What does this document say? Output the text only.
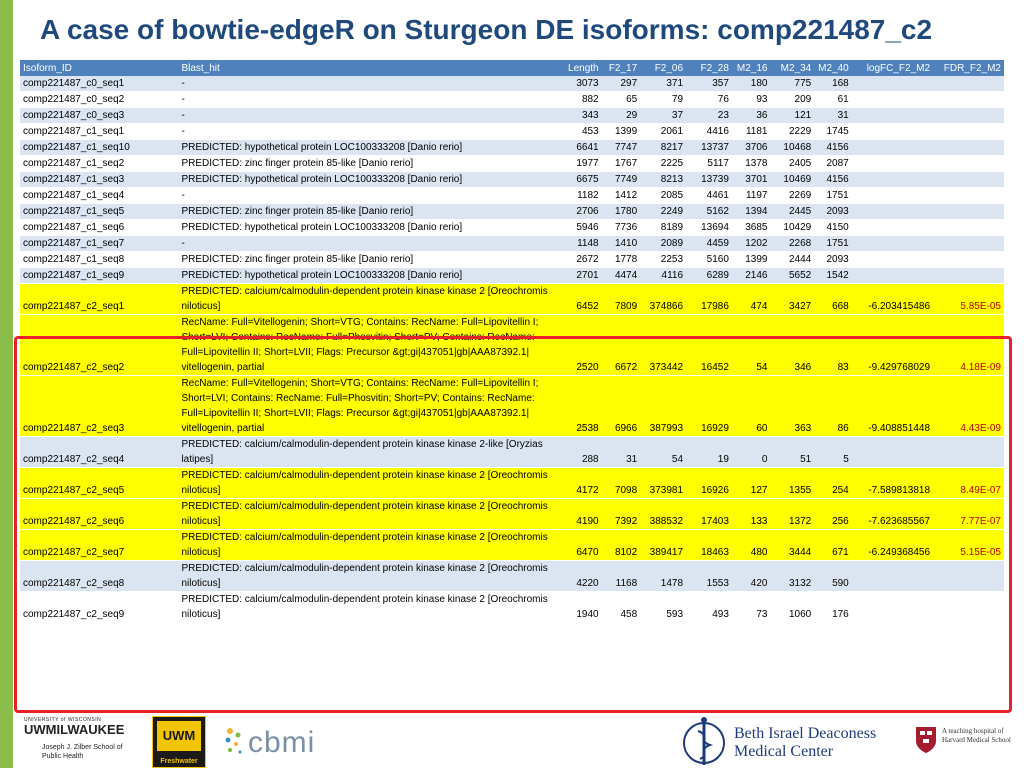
A case of bowtie-edgeR on Sturgeon DE isoforms: comp221487_c2
Isoform_ID	Blast_hit	Length	F2_17	F2_06	F2_28	M2_16	M2_34	M2_40	logFC_F2_M2	FDR_F2_M2
comp221487_c0_seq1	-	3073	297	371	357	180	775	168		
comp221487_c0_seq2	-	882	65	79	76	93	209	61		
comp221487_c0_seq3	-	343	29	37	23	36	121	31		
comp221487_c1_seq1	-	453	1399	2061	4416	1181	2229	1745		
comp221487_c1_seq10	PREDICTED: hypothetical protein LOC100333208 [Danio rerio]	6641	7747	8217	13737	3706	10468	4156		
comp221487_c1_seq2	PREDICTED: zinc finger protein 85-like [Danio rerio]	1977	1767	2225	5117	1378	2405	2087		
comp221487_c1_seq3	PREDICTED: hypothetical protein LOC100333208 [Danio rerio]	6675	7749	8213	13739	3701	10469	4156		
comp221487_c1_seq4	-	1182	1412	2085	4461	1197	2269	1751		
comp221487_c1_seq5	PREDICTED: zinc finger protein 85-like [Danio rerio]	2706	1780	2249	5162	1394	2445	2093		
comp221487_c1_seq6	PREDICTED: hypothetical protein LOC100333208 [Danio rerio]	5946	7736	8189	13694	3685	10429	4150		
comp221487_c1_seq7	-	1148	1410	2089	4459	1202	2268	1751		
comp221487_c1_seq8	PREDICTED: zinc finger protein 85-like [Danio rerio]	2672	1778	2253	5160	1399	2444	2093		
comp221487_c1_seq9	PREDICTED: hypothetical protein LOC100333208 [Danio rerio]	2701	4474	4116	6289	2146	5652	1542		
comp221487_c2_seq1	PREDICTED: calcium/calmodulin-dependent protein kinase kinase 2 [Oreochromis niloticus]	6452	7809	374866	17986	474	3427	668	-6.203415486	5.85E-05
comp221487_c2_seq2	RecName: Full=Vitellogenin; Short=VTG; Contains: RecName: Full=Lipovitellin I; Short=LVI; Contains: RecName: Full=Phosvitin; Short=PV; Contains: RecName: Full=Lipovitellin II; Short=LVII; Flags: Precursor &gt;gi|437051|gb|AAA87392.1| vitellogenin, partial	2520	6672	373442	16452	54	346	83	-9.429768029	4.18E-09
comp221487_c2_seq3	RecName: Full=Vitellogenin; Short=VTG; Contains: RecName: Full=Lipovitellin I; Short=LVI; Contains: RecName: Full=Phosvitin; Short=PV; Contains: RecName: Full=Lipovitellin II; Short=LVII; Flags: Precursor &gt;gi|437051|gb|AAA87392.1| vitellogenin, partial	2538	6966	387993	16929	60	363	86	-9.408851448	4.43E-09
comp221487_c2_seq4	PREDICTED: calcium/calmodulin-dependent protein kinase kinase 2-like [Oryzias latipes]	288	31	54	19	0	51	5		
comp221487_c2_seq5	PREDICTED: calcium/calmodulin-dependent protein kinase kinase 2 [Oreochromis niloticus]	4172	7098	373981	16926	127	1355	254	-7.589813818	8.49E-07
comp221487_c2_seq6	PREDICTED: calcium/calmodulin-dependent protein kinase kinase 2 [Oreochromis niloticus]	4190	7392	388532	17403	133	1372	256	-7.623685567	7.77E-07
comp221487_c2_seq7	PREDICTED: calcium/calmodulin-dependent protein kinase kinase 2 [Oreochromis niloticus]	6470	8102	389417	18463	480	3444	671	-6.249368456	5.15E-05
comp221487_c2_seq8	PREDICTED: calcium/calmodulin-dependent protein kinase kinase 2 [Oreochromis niloticus]	4220	1168	1478	1553	420	3132	590		
comp221487_c2_seq9	PREDICTED: calcium/calmodulin-dependent protein kinase kinase 2 [Oreochromis niloticus]	1940	458	593	493	73	1060	176		
UNIVERSITY of WISCONSIN
UWMILWAUKEE
Joseph J. Zilber School of Public Health
UWM
Freshwater
cbmi	Beth Israel Deaconess Medical Center
A teaching hospital of Harvard Medical School
